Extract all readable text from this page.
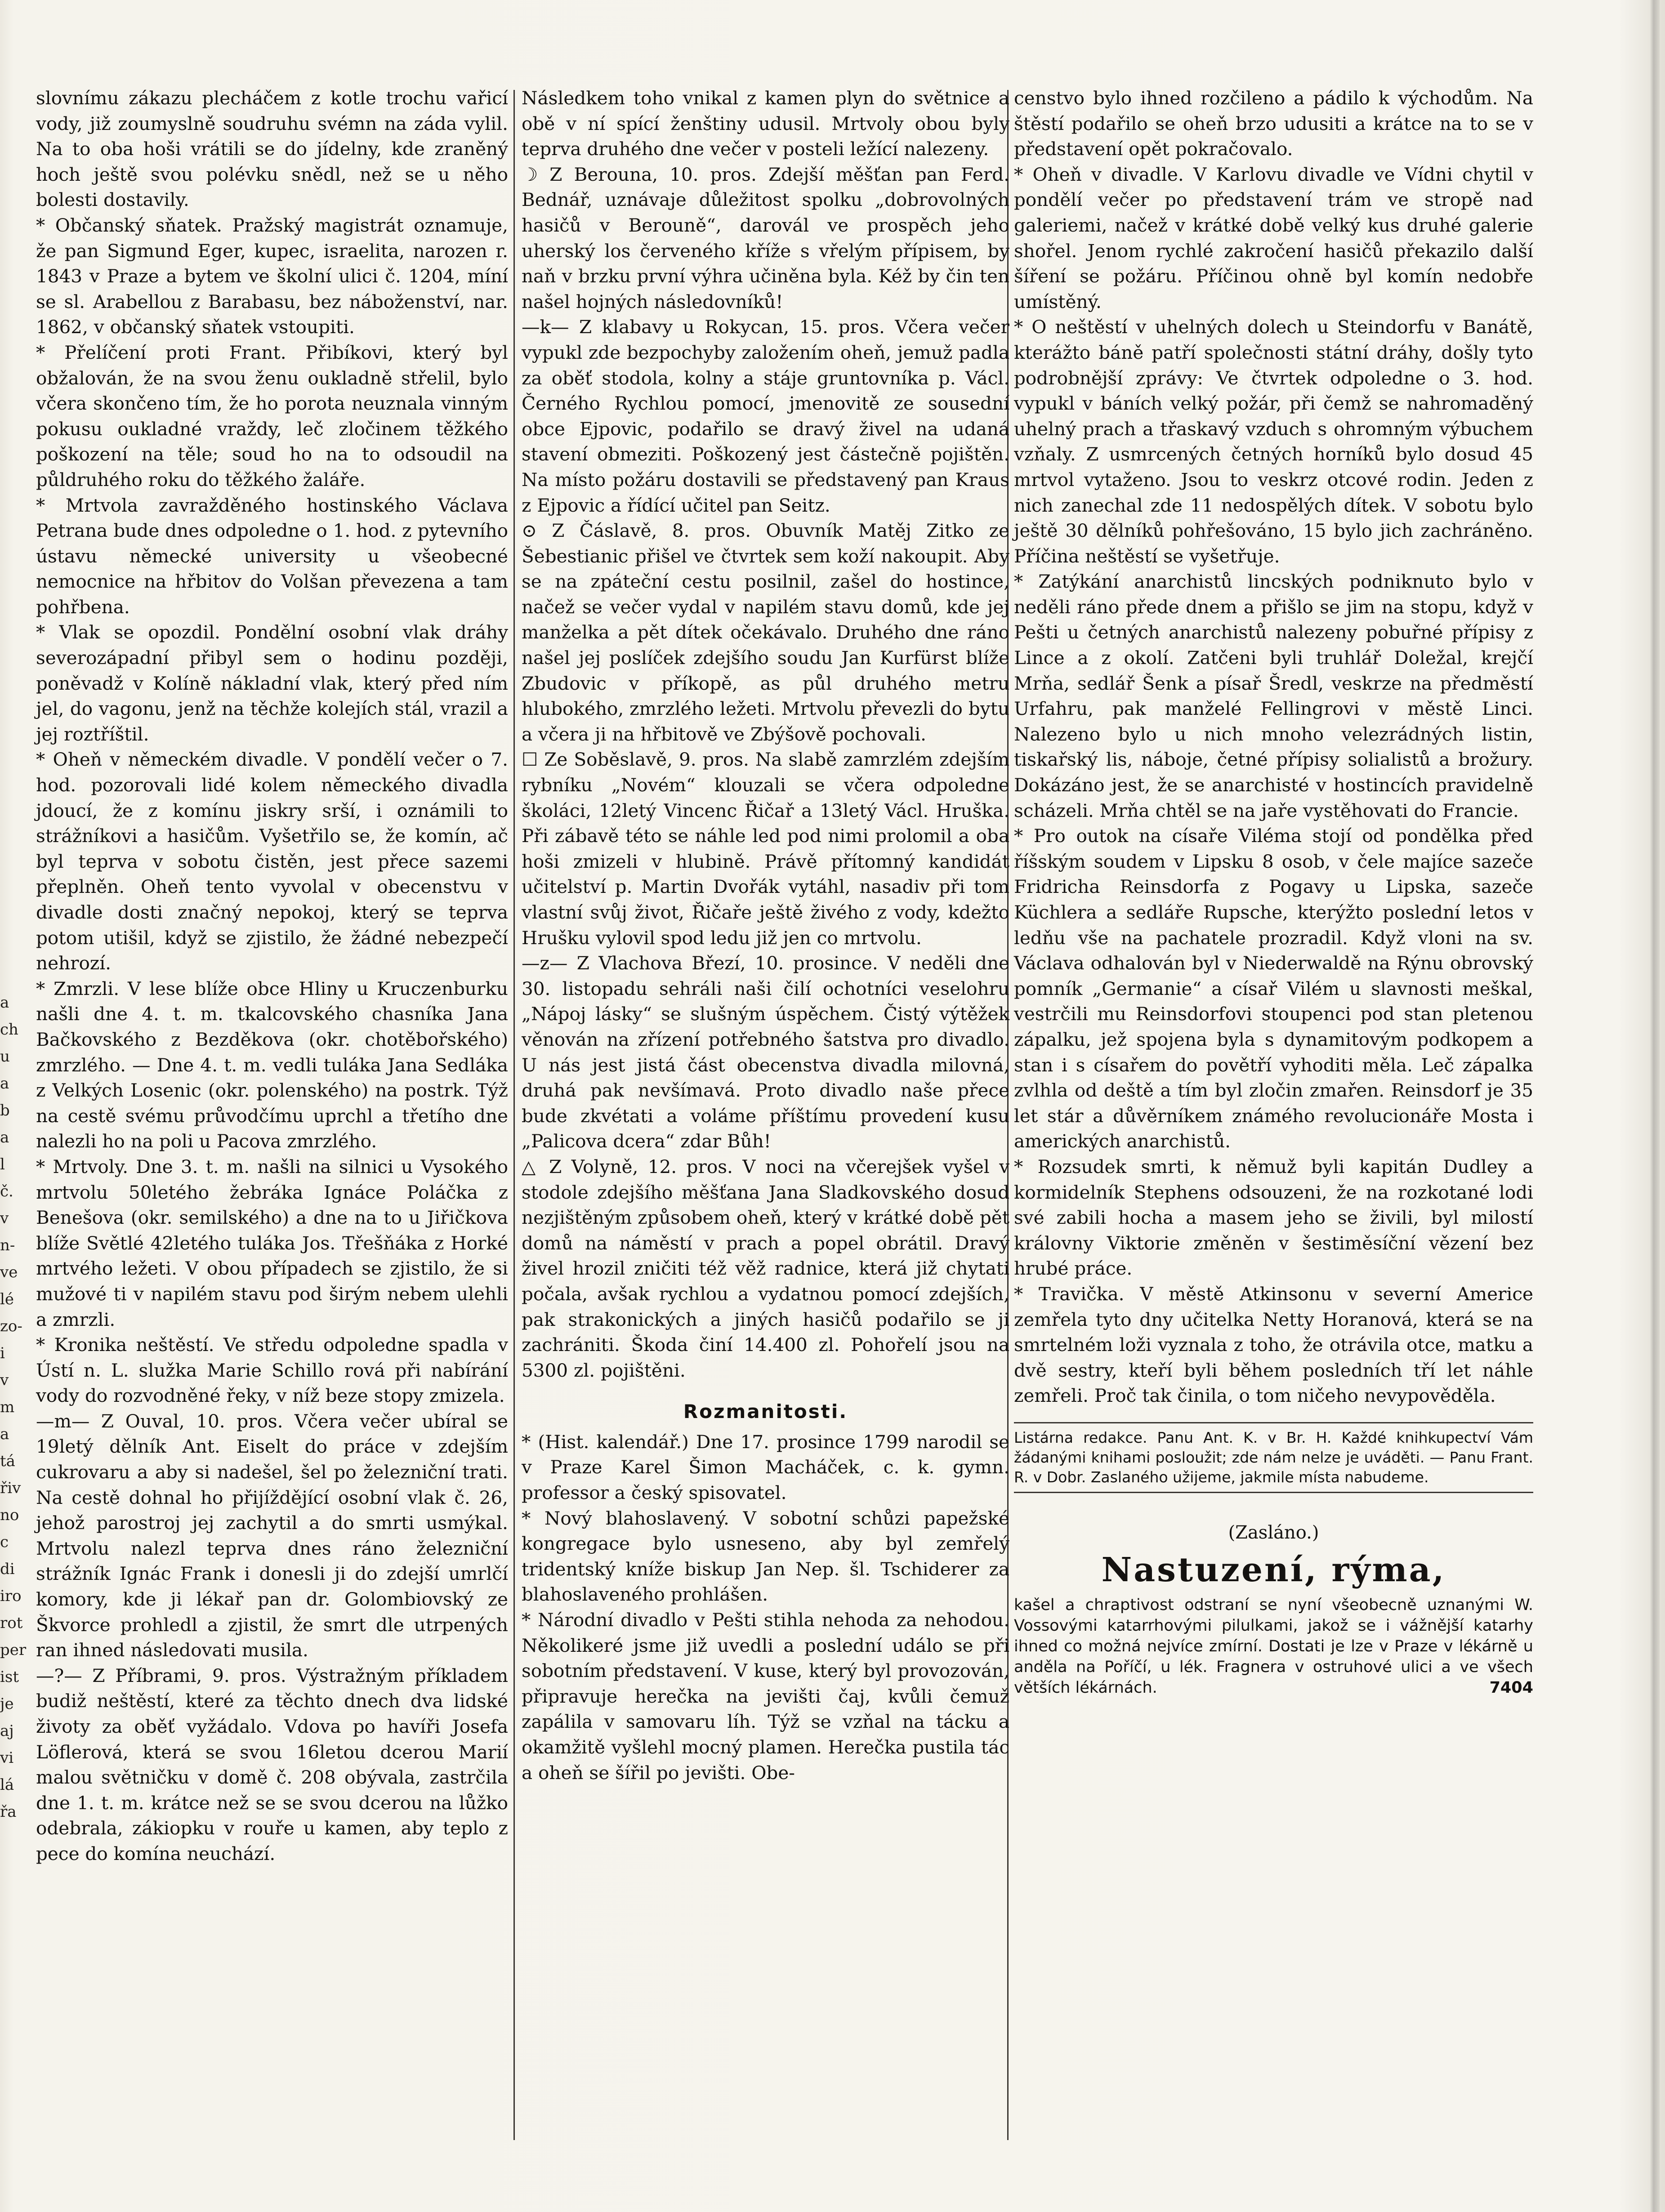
a
ch
u
a
b
a
l
č.
v
n-
ve
lé
zo-
i
v
m
a
tá
řiv
no
c
di
iro
rot
per
ist
je
aj
vi
lá
řa

slovnímu zákazu plecháčem z kotle trochu vařicí vody, již zoumyslně soudruhu svémn na záda vylil. Na to oba hoši vrátili se do jídelny, kde zraněný hoch ještě svou polévku snědl, než se u něho bolesti dostavily.

* Občanský sňatek. Pražský magistrát oznamuje, že pan Sigmund Eger, kupec, israelita, narozen r. 1843 v Praze a bytem ve školní ulici č. 1204, míní se sl. Arabellou z Barabasu, bez náboženství, nar. 1862, v občanský sňatek vstoupiti.

* Přelíčení proti Frant. Přibíkovi, který byl obžalován, že na svou ženu oukladně střelil, bylo včera skončeno tím, že ho porota neuznala vinným pokusu oukladné vraždy, leč zločinem těžkého poškození na těle; soud ho na to odsoudil na půldruhého roku do těžkého žaláře.

* Mrtvola zavražděného hostinského Václava Petrana bude dnes odpoledne o 1. hod. z pytevního ústavu německé university u všeobecné nemocnice na hřbitov do Volšan převezena a tam pohřbena.

* Vlak se opozdil. Pondělní osobní vlak dráhy severozápadní přibyl sem o hodinu později, poněvadž v Kolíně nákladní vlak, který před ním jel, do vagonu, jenž na těchže kolejích stál, vrazil a jej roztříštil.

* Oheň v německém divadle. V pondělí večer o 7. hod. pozorovali lidé kolem německého divadla jdoucí, že z komínu jiskry srší, i oznámili to strážníkovi a hasičům. Vyšetřilo se, že komín, ač byl teprva v sobotu čistěn, jest přece sazemi přeplněn. Oheň tento vyvolal v obecenstvu v divadle dosti značný nepokoj, který se teprva potom utišil, když se zjistilo, že žádné nebezpečí nehrozí.

* Zmrzli. V lese blíže obce Hliny u Kruczenburku našli dne 4. t. m. tkalcovského chasníka Jana Bačkovského z Bezděkova (okr. chotěbořského) zmrzlého. — Dne 4. t. m. vedli tuláka Jana Sedláka z Velkých Losenic (okr. polenského) na postrk. Týž na cestě svému průvodčímu uprchl a třetího dne nalezli ho na poli u Pacova zmrzlého.

* Mrtvoly. Dne 3. t. m. našli na silnici u Vysokého mrtvolu 50letého žebráka Ignáce Poláčka z Benešova (okr. semilského) a dne na to u Jiřičkova blíže Světlé 42letého tuláka Jos. Třešňáka z Horké mrtvého ležeti. V obou případech se zjistilo, že si mužové ti v napilém stavu pod širým nebem ulehli a zmrzli.

* Kronika neštěstí. Ve středu odpoledne spadla v Ústí n. L. služka Marie Schillo rová při nabírání vody do rozvodněné řeky, v níž beze stopy zmizela.

—m— Z Ouval, 10. pros. Včera večer ubíral se 19letý dělník Ant. Eiselt do práce v zdejším cukrovaru a aby si nadešel, šel po železniční trati. Na cestě dohnal ho přijíždějící osobní vlak č. 26, jehož parostroj jej zachytil a do smrti usmýkal. Mrtvolu nalezl teprva dnes ráno železniční strážník Ignác Frank i donesli ji do zdejší umrlčí komory, kde ji lékař pan dr. Golombiovský ze Škvorce prohledl a zjistil, že smrt dle utrpených ran ihned následovati musila.

—?— Z Příbrami, 9. pros. Výstražným příkladem budiž neštěstí, které za těchto dnech dva lidské životy za oběť vyžádalo. Vdova po havíři Josefa Löflerová, která se svou 16letou dcerou Marií malou světničku v domě č. 208 obývala, zastrčila dne 1. t. m. krátce než se se svou dcerou na lůžko odebrala, zákiopku v rouře u kamen, aby teplo z pece do komína neuchází.

Následkem toho vnikal z kamen plyn do světnice a obě v ní spící ženštiny udusil. Mrtvoly obou byly teprva druhého dne večer v posteli ležící nalezeny.

☽ Z Berouna, 10. pros. Zdejší měšťan pan Ferd. Bednář, uznávaje důležitost spolku „dobrovolných hasičů v Berouně“, darovál ve prospěch jeho uherský los červeného kříže s vřelým přípisem, by naň v brzku první výhra učiněna byla. Kéž by čin ten našel hojných následovníků!

—k— Z klabavy u Rokycan, 15. pros. Včera večer vypukl zde bezpochyby založením oheň, jemuž padla za oběť stodola, kolny a stáje gruntovníka p. Václ. Černého Rychlou pomocí, jmenovitě ze sousední obce Ejpovic, podařilo se dravý živel na udaná stavení obmeziti. Poškozený jest částečně pojištěn. Na místo požáru dostavili se představený pan Kraus z Ejpovic a řídící učitel pan Seitz.

⊙ Z Čáslavě, 8. pros. Obuvník Matěj Zitko ze Šebestianic přišel ve čtvrtek sem koží nakoupit. Aby se na zpáteční cestu posilnil, zašel do hostince, načež se večer vydal v napilém stavu domů, kde jej manželka a pět dítek očekávalo. Druhého dne ráno našel jej poslíček zdejšího soudu Jan Kurfürst blíže Zbudovic v příkopě, as půl druhého metru hlubokého, zmrzlého ležeti. Mrtvolu převezli do bytu a včera ji na hřbitově ve Zbýšově pochovali.

☐ Ze Soběslavě, 9. pros. Na slabě zamrzlém zdejším rybníku „Novém“ klouzali se včera odpoledne školáci, 12letý Vincenc Řičař a 13letý Václ. Hruška. Při zábavě této se náhle led pod nimi prolomil a oba hoši zmizeli v hlubině. Právě přítomný kandidát učitelství p. Martin Dvořák vytáhl, nasadiv při tom vlastní svůj život, Řičaře ještě živého z vody, kdežto Hrušku vylovil spod ledu již jen co mrtvolu.

—z— Z Vlachova Březí, 10. prosince. V neděli dne 30. listopadu sehráli naši čilí ochotníci veselohru „Nápoj lásky“ se slušným úspěchem. Čistý výtěžek věnován na zřízení potřebného šatstva pro divadlo. U nás jest jistá část obecenstva divadla milovná, druhá pak nevšímavá. Proto divadlo naše přece bude zkvétati a voláme příštímu provedení kusu „Palicova dcera“ zdar Bůh!

△ Z Volyně, 12. pros. V noci na včerejšek vyšel v stodole zdejšího měšťana Jana Sladkovského dosud nezjištěným způsobem oheň, který v krátké době pět domů na náměstí v prach a popel obrátil. Dravý živel hrozil zničiti též věž radnice, která již chytati počala, avšak rychlou a vydatnou pomocí zdejších, pak strakonických a jiných hasičů podařilo se ji zachrániti. Škoda činí 14.400 zl. Pohořelí jsou na 5300 zl. pojištěni.

Rozmanitosti.

* (Hist. kalendář.) Dne 17. prosince 1799 narodil se v Praze Karel Šimon Macháček, c. k. gymn. professor a český spisovatel.

* Nový blahoslavený. V sobotní schůzi papežské kongregace bylo usneseno, aby byl zemřelý tridentský kníže biskup Jan Nep. šl. Tschiderer za blahoslaveného prohlášen.

* Národní divadlo v Pešti stihla nehoda za nehodou. Několikeré jsme již uvedli a poslední událo se při sobotním představení. V kuse, který byl provozován, připravuje herečka na jevišti čaj, kvůli čemuž zapálila v samovaru líh. Týž se vzňal na tácku a okamžitě vyšlehl mocný plamen. Herečka pustila tác a oheň se šířil po jevišti. Obe-

censtvo bylo ihned rozčileno a pádilo k východům. Na štěstí podařilo se oheň brzo udusiti a krátce na to se v představení opět pokračovalo.

* Oheň v divadle. V Karlovu divadle ve Vídni chytil v pondělí večer po představení trám ve stropě nad galeriemi, načež v krátké době velký kus druhé galerie shořel. Jenom rychlé zakročení hasičů překazilo další šíření se požáru. Příčinou ohně byl komín nedobře umístěný.

* O neštěstí v uhelných dolech u Steindorfu v Banátě, kterážto báně patří společnosti státní dráhy, došly tyto podrobnější zprávy: Ve čtvrtek odpoledne o 3. hod. vypukl v báních velký požár, při čemž se nahromaděný uhelný prach a třaskavý vzduch s ohromným výbuchem vzňaly. Z usmrcených četných horníků bylo dosud 45 mrtvol vytaženo. Jsou to veskrz otcové rodin. Jeden z nich zanechal zde 11 nedospělých dítek. V sobotu bylo ještě 30 dělníků pohřešováno, 15 bylo jich zachráněno. Příčina neštěstí se vyšetřuje.

* Zatýkání anarchistů lincských podniknuto bylo v neděli ráno přede dnem a přišlo se jim na stopu, když v Pešti u četných anarchistů nalezeny pobuřné přípisy z Lince a z okolí. Zatčeni byli truhlář Doležal, krejčí Mrňa, sedlář Šenk a písař Šredl, veskrze na předměstí Urfahru, pak manželé Fellingrovi v městě Linci. Nalezeno bylo u nich mnoho velezrádných listin, tiskařský lis, náboje, četné přípisy solialistů a brožury. Dokázáno jest, že se anarchisté v hostincích pravidelně scházeli. Mrňa chtěl se na jaře vystěhovati do Francie.

* Pro outok na císaře Viléma stojí od pondělka před říšským soudem v Lipsku 8 osob, v čele majíce sazeče Fridricha Reinsdorfa z Pogavy u Lipska, sazeče Küchlera a sedláře Rupsche, kterýžto poslední letos v ledňu vše na pachatele prozradil. Když vloni na sv. Václava odhalován byl v Niederwaldě na Rýnu obrovský pomník „Germanie“ a císař Vilém u slavnosti meškal, vestrčili mu Reinsdorfovi stoupenci pod stan pletenou zápalku, jež spojena byla s dynamitovým podkopem a stan i s císařem do povětří vyhoditi měla. Leč zápalka zvlhla od deště a tím byl zločin zmařen. Reinsdorf je 35 let stár a důvěrníkem známého revolucionáře Mosta i amerických anarchistů.

* Rozsudek smrti, k němuž byli kapitán Dudley a kormidelník Stephens odsouzeni, že na rozkotané lodi své zabili hocha a masem jeho se živili, byl milostí královny Viktorie změněn v šestiměsíční vězení bez hrubé práce.

* Travička. V městě Atkinsonu v severní Americe zemřela tyto dny učitelka Netty Horanová, která se na smrtelném loži vyznala z toho, že otrávila otce, matku a dvě sestry, kteří byli během posledních tří let náhle zemřeli. Proč tak činila, o tom ničeho nevypověděla.

Listárna redakce. Panu Ant. K. v Br. H. Každé knihkupectví Vám žádanými knihami posloužit; zde nám nelze je uváděti. — Panu Frant. R. v Dobr. Zaslaného užijeme, jakmile místa nabudeme.

(Zasláno.)

Nastuzení, rýma,

kašel a chraptivost odstraní se nyní všeobecně uznanými W. Vossovými katarrhovými pilulkami, jakož se i vážnější katarhy ihned co možná nejvíce zmírní. Dostati je lze v Praze v lékárně u anděla na Poříčí, u lék. Fragnera v ostruhové ulici a ve všech větších lékárnách.	7404
